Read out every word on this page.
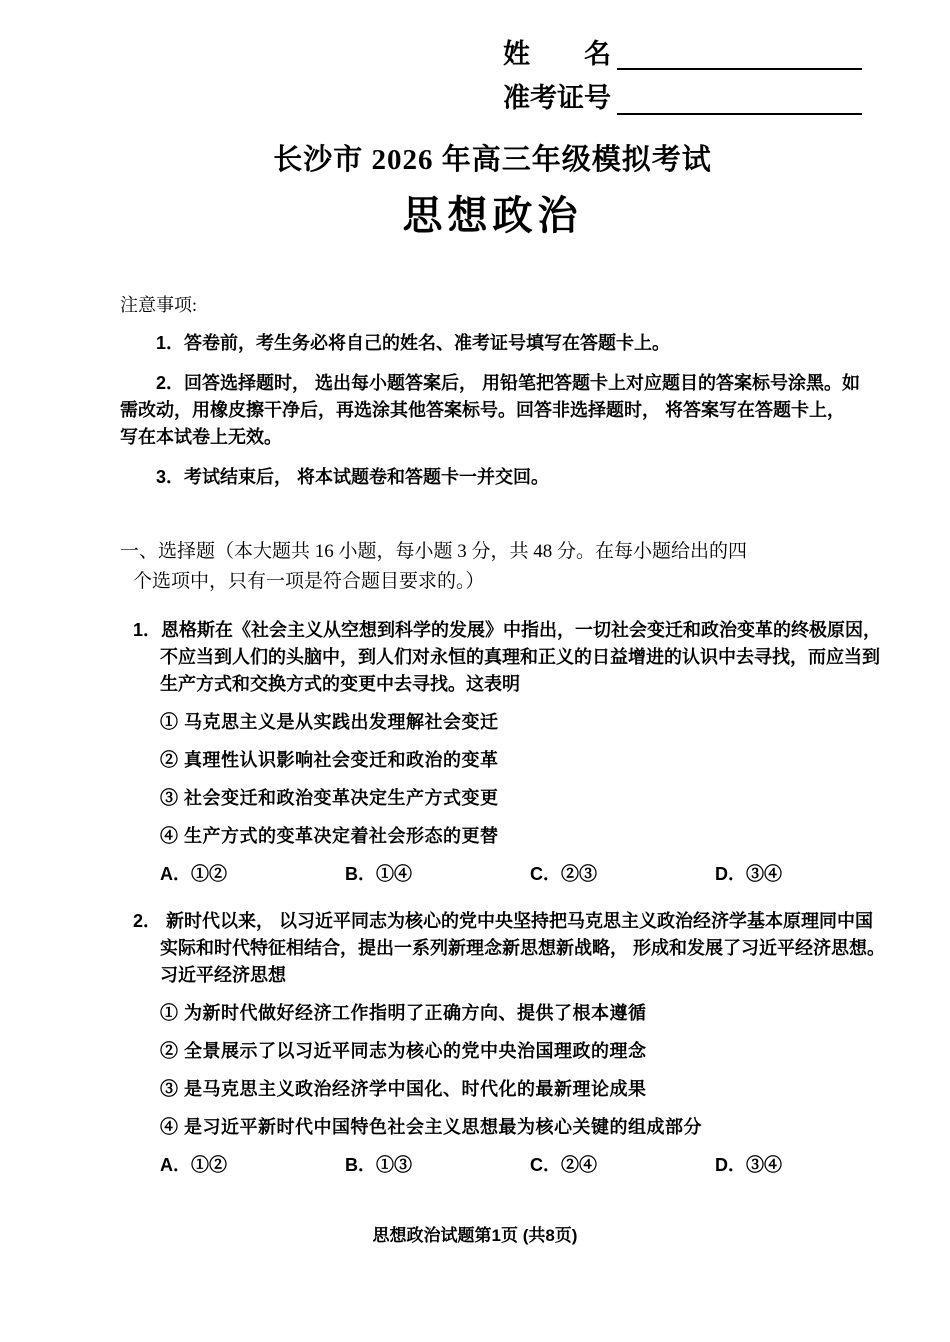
姓　　名
准考证号
长沙市 2026 年高三年级模拟考试
思想政治
注意事项:
1．答卷前，考生务必将自己的姓名、准考证号填写在答题卡上。
2．回答选择题时， 选出每小题答案后， 用铅笔把答题卡上对应题目的答案标号涂黑。如需改动，用橡皮擦干净后，再选涂其他答案标号。回答非选择题时， 将答案写在答题卡上， 写在本试卷上无效。
3．考试结束后， 将本试题卷和答题卡一并交回。
一、选择题（本大题共 16 小题，每小题 3 分，共 48 分。在每小题给出的四
个选项中，只有一项是符合题目要求的。）
1．恩格斯在《社会主义从空想到科学的发展》中指出，一切社会变迁和政治变革的终极原因，不应当到人们的头脑中，到人们对永恒的真理和正义的日益增进的认识中去寻找，而应当到生产方式和交换方式的变更中去寻找。这表明
① 马克思主义是从实践出发理解社会变迁
② 真理性认识影响社会变迁和政治的变革
③ 社会变迁和政治变革决定生产方式变更
④ 生产方式的变革决定着社会形态的更替
A．①②	B．①④	C．②③	D．③④
2． 新时代以来， 以习近平同志为核心的党中央坚持把马克思主义政治经济学基本原理同中国实际和时代特征相结合，提出一系列新理念新思想新战略， 形成和发展了习近平经济思想。习近平经济思想
① 为新时代做好经济工作指明了正确方向、提供了根本遵循
② 全景展示了以习近平同志为核心的党中央治国理政的理念
③ 是马克思主义政治经济学中国化、时代化的最新理论成果
④ 是习近平新时代中国特色社会主义思想最为核心关键的组成部分
A．①②	B．①③	C．②④	D．③④
思想政治试题第1页 (共8页)
